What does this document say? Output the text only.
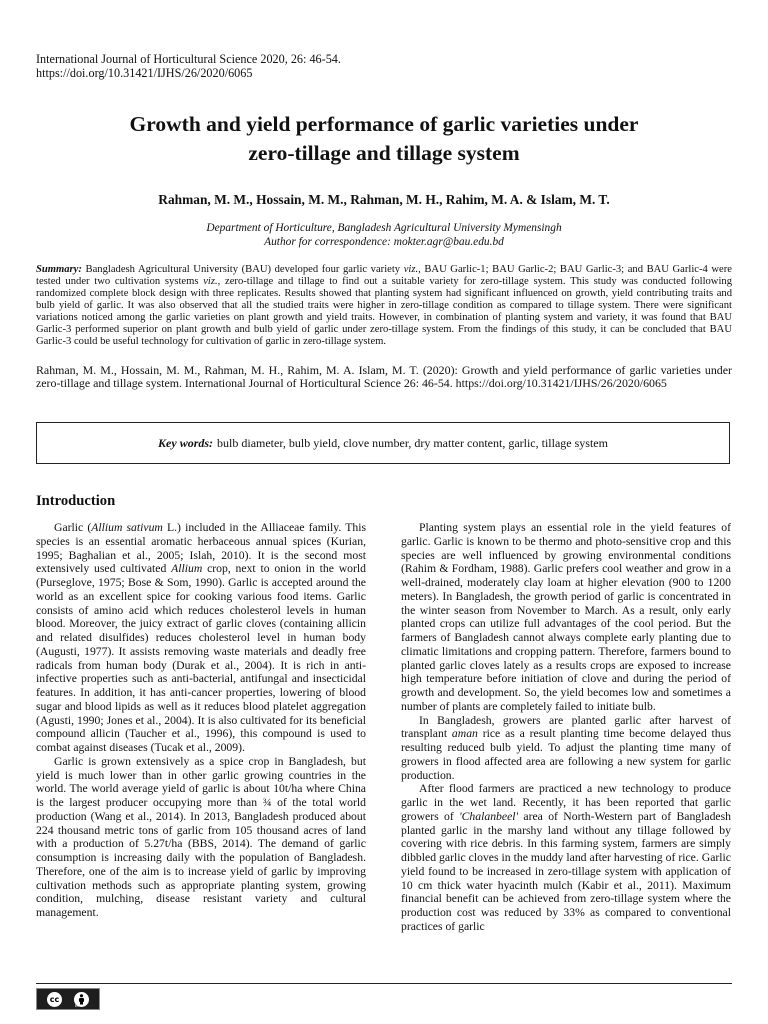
International Journal of Horticultural Science 2020, 26: 46-54.
https://doi.org/10.31421/IJHS/26/2020/6065
Growth and yield performance of garlic varieties under
zero-tillage and tillage system
Rahman, M. M., Hossain, M. M., Rahman, M. H., Rahim, M. A. & Islam, M. T.
Department of Horticulture, Bangladesh Agricultural University Mymensingh
Author for correspondence: mokter.agr@bau.edu.bd

Summary: Bangladesh Agricultural University (BAU) developed four garlic variety viz., BAU Garlic-1; BAU Garlic-2; BAU Garlic-3; and BAU Garlic-4 were tested under two cultivation systems viz., zero-tillage and tillage to find out a suitable variety for zero-tillage system. This study was conducted following randomized complete block design with three replicates. Results showed that planting system had significant influenced on growth, yield contributing traits and bulb yield of garlic. It was also observed that all the studied traits were higher in zero-tillage condition as compared to tillage system. There were significant variations noticed among the garlic varieties on plant growth and yield traits. However, in combination of planting system and variety, it was found that BAU Garlic-3 performed superior on plant growth and bulb yield of garlic under zero-tillage system. From the findings of this study, it can be concluded that BAU Garlic-3 could be useful technology for cultivation of garlic in zero-tillage system.

Rahman, M. M., Hossain, M. M., Rahman, M. H., Rahim, M. A. Islam, M. T. (2020): Growth and yield performance of garlic varieties under zero-tillage and tillage system. International Journal of Horticultural Science 26: 46-54. https://doi.org/10.31421/IJHS/26/2020/6065

Key words: bulb diameter, bulb yield, clove number, dry matter content, garlic, tillage system
Introduction

Garlic (Allium sativum L.) included in the Alliaceae family. This species is an essential aromatic herbaceous annual spices (Kurian, 1995; Baghalian et al., 2005; Islah, 2010). It is the second most extensively used cultivated Allium crop, next to onion in the world (Purseglove, 1975; Bose & Som, 1990). Garlic is accepted around the world as an excellent spice for cooking various food items. Garlic consists of amino acid which reduces cholesterol levels in human blood. Moreover, the juicy extract of garlic cloves (containing allicin and related disulfides) reduces cholesterol level in human body (Augusti, 1977). It assists removing waste materials and deadly free radicals from human body (Durak et al., 2004). It is rich in anti-infective properties such as anti-bacterial, antifungal and insecticidal features. In addition, it has anti-cancer properties, lowering of blood sugar and blood lipids as well as it reduces blood platelet aggregation (Agusti, 1990; Jones et al., 2004). It is also cultivated for its beneficial compound allicin (Taucher et al., 1996), this compound is used to combat against diseases (Tucak et al., 2009).

Garlic is grown extensively as a spice crop in Bangladesh, but yield is much lower than in other garlic growing countries in the world. The world average yield of garlic is about 10t/ha where China is the largest producer occupying more than ¾ of the total world production (Wang et al., 2014). In 2013, Bangladesh produced about 224 thousand metric tons of garlic from 105 thousand acres of land with a production of 5.27t/ha (BBS, 2014). The demand of garlic consumption is increasing daily with the population of Bangladesh. Therefore, one of the aim is to increase yield of garlic by improving cultivation methods such as appropriate planting system, growing condition, mulching, disease resistant variety and cultural management.

Planting system plays an essential role in the yield features of garlic. Garlic is known to be thermo and photo-sensitive crop and this species are well influenced by growing environmental conditions (Rahim & Fordham, 1988). Garlic prefers cool weather and grow in a well-drained, moderately clay loam at higher elevation (900 to 1200 meters). In Bangladesh, the growth period of garlic is concentrated in the winter season from November to March. As a result, only early planted crops can utilize full advantages of the cool period. But the farmers of Bangladesh cannot always complete early planting due to climatic limitations and cropping pattern. Therefore, farmers bound to planted garlic cloves lately as a results crops are exposed to increase high temperature before initiation of clove and during the period of growth and development. So, the yield becomes low and sometimes a number of plants are completely failed to initiate bulb.

In Bangladesh, growers are planted garlic after harvest of transplant aman rice as a result planting time become delayed thus resulting reduced bulb yield. To adjust the planting time many of growers in flood affected area are following a new system for garlic production.

After flood farmers are practiced a new technology to produce garlic in the wet land. Recently, it has been reported that garlic growers of 'Chalanbeel' area of North-Western part of Bangladesh planted garlic in the marshy land without any tillage followed by covering with rice debris. In this farming system, farmers are simply dibbled garlic cloves in the muddy land after harvesting of rice. Garlic yield found to be increased in zero-tillage system with application of 10 cm thick water hyacinth mulch (Kabir et al., 2011). Maximum financial benefit can be achieved from zero-tillage system where the production cost was reduced by 33% as compared to conventional practices of garlic

cc
BY
